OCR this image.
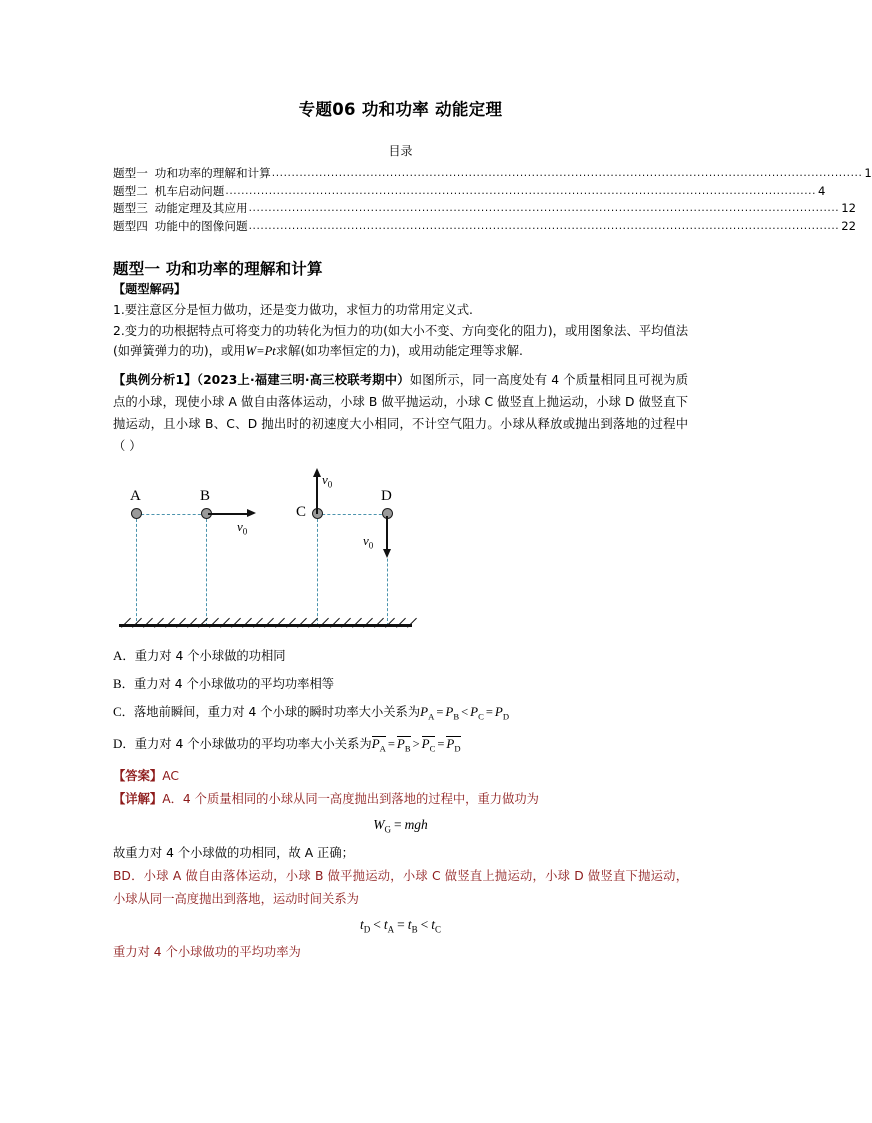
专题06 功和功率 动能定理
目录
题型一 功和功率的理解和计算 ...................................................................................................................................................... 1
题型二 机车启动问题 ...................................................................................................................................................... 4
题型三 动能定理及其应用 ...................................................................................................................................................... 12
题型四 功能中的图像问题 ...................................................................................................................................................... 22
题型一 功和功率的理解和计算
【题型解码】
1.要注意区分是恒力做功，还是变力做功，求恒力的功常用定义式.
2.变力的功根据特点可将变力的功转化为恒力的功(如大小不变、方向变化的阻力)，或用图象法、平均值法(如弹簧弹力的功)，或用W=Pt求解(如功率恒定的力)，或用动能定理等求解.
【典例分析1】（2023上·福建三明·高三校联考期中）如图所示，同一高度处有 4 个质量相同且可视为质点的小球，现使小球 A 做自由落体运动，小球 B 做平抛运动，小球 C 做竖直上抛运动，小球 D 做竖直下抛运动，且小球 B、C、D 抛出时的初速度大小相同，不计空气阻力。小球从释放或抛出到落地的过程中（ ）
A	B
C
D
$v_0$
$v_0$
$v_0$
A．重力对 4 个小球做的功相同
B．重力对 4 个小球做功的平均功率相等
C．落地前瞬间，重力对 4 个小球的瞬时功率大小关系为$P_A = P_B < P_C = P_D$
D．重力对 4 个小球做功的平均功率大小关系为$P_A = P_B > P_C = P_D$
【答案】AC
【详解】A．4 个质量相同的小球从同一高度抛出到落地的过程中，重力做功为
$W_G$ = mgh
故重力对 4 个小球做的功相同，故 A 正确；
BD．小球 A 做自由落体运动，小球 B 做平抛运动，小球 C 做竖直上抛运动，小球 D 做竖直下抛运动，小球从同一高度抛出到落地，运动时间关系为
$t_D < t_A = t_B < t_C$
重力对 4 个小球做功的平均功率为
